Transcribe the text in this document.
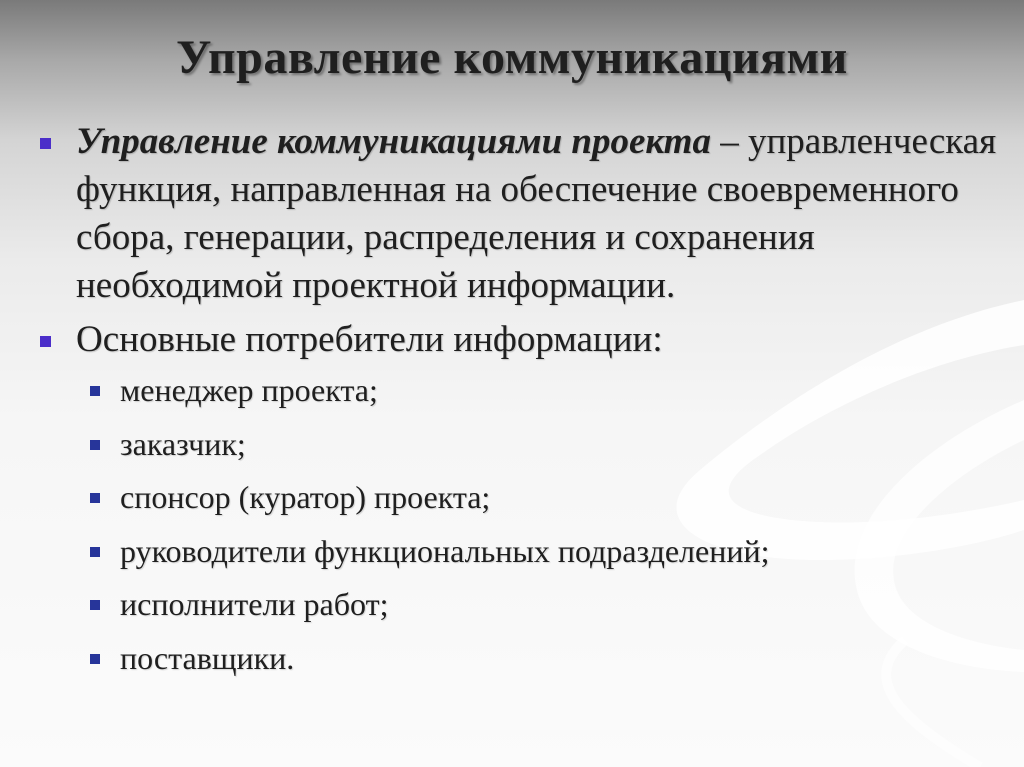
Управление коммуникациями
Управление коммуникациями проекта – управленческая функция, направленная на обеспечение своевременного сбора, генерации, распределения и сохранения необходимой проектной информации.
Основные потребители информации:
менеджер проекта;
заказчик;
спонсор (куратор) проекта;
руководители функциональных подразделений;
исполнители работ;
поставщики.
